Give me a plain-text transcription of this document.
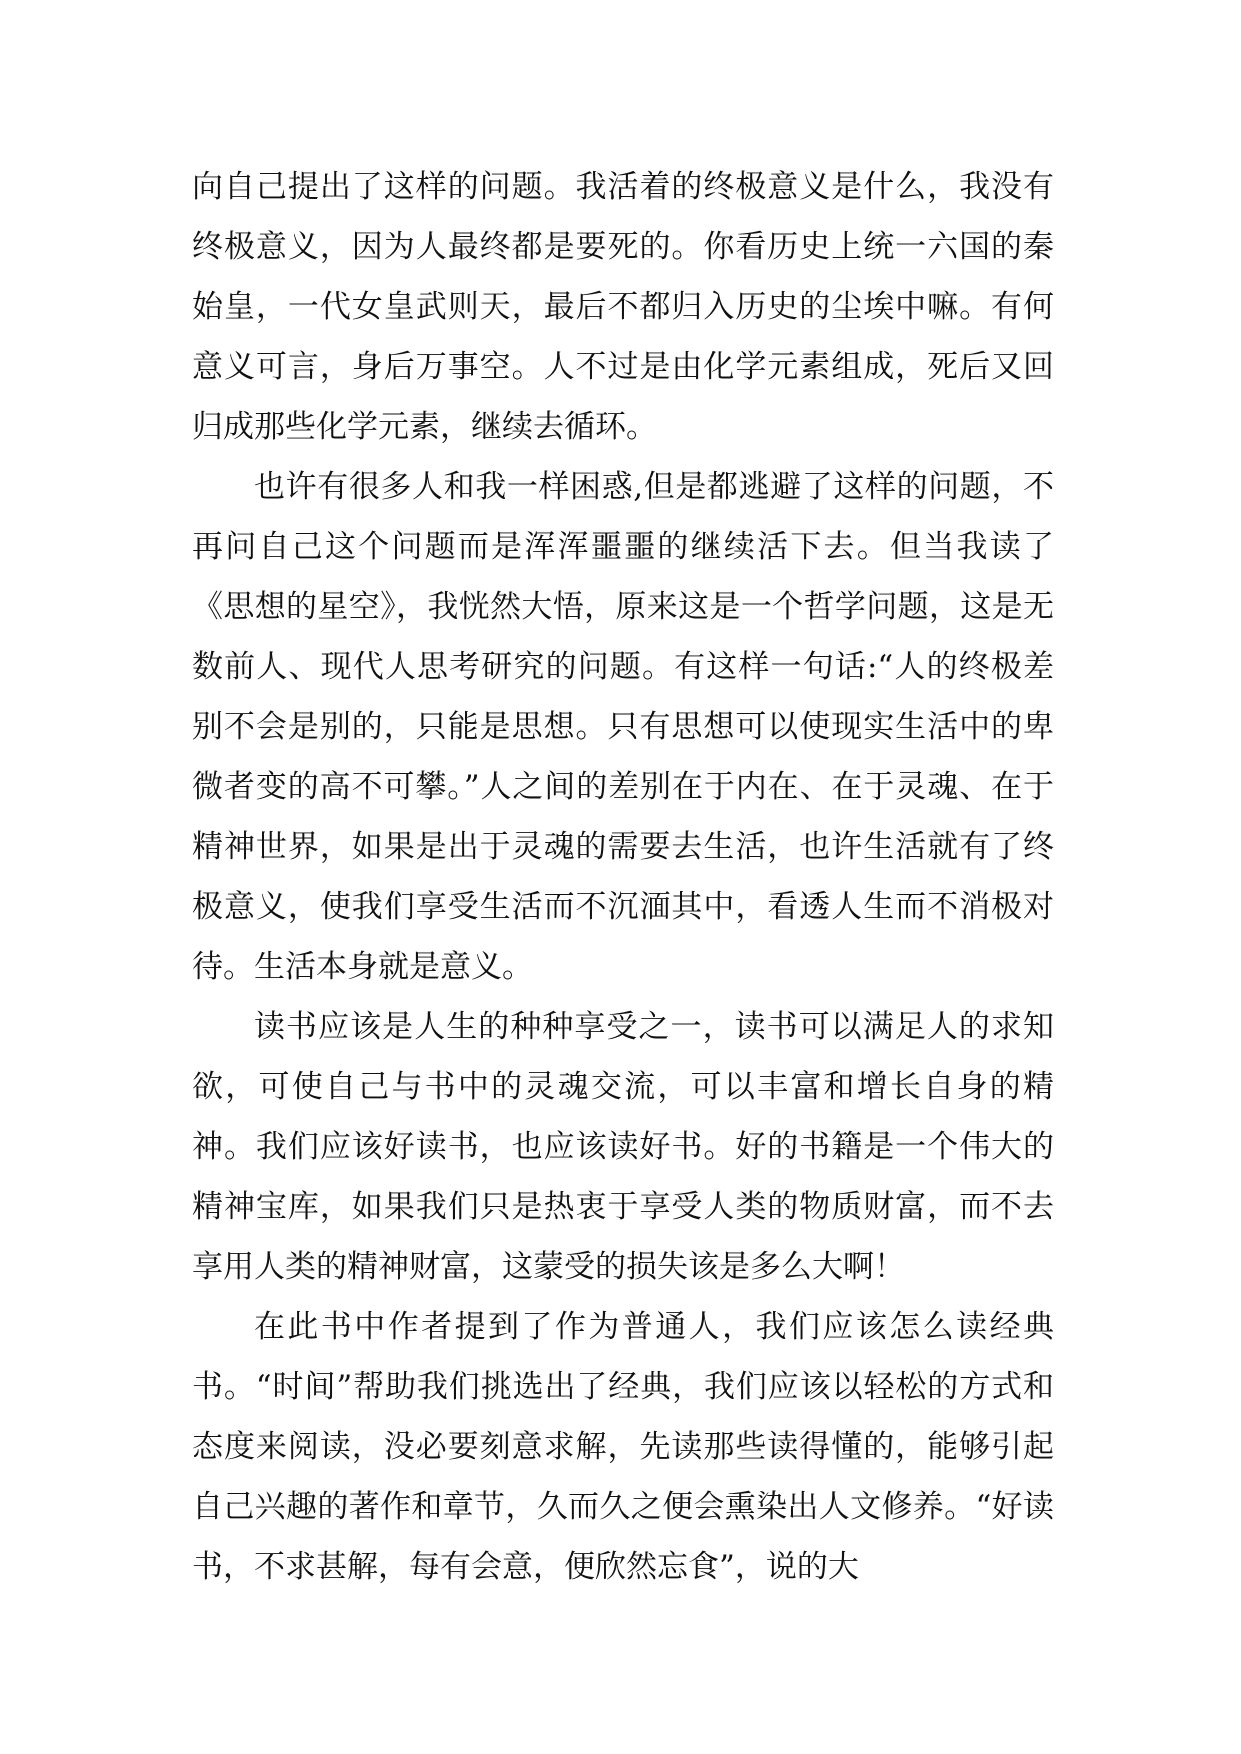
向自己提出了这样的问题。我活着的终极意义是什么，我没有终极意义，因为人最终都是要死的。你看历史上统一六国的秦始皇，一代女皇武则天，最后不都归入历史的尘埃中嘛。有何意义可言，身后万事空。人不过是由化学元素组成，死后又回归成那些化学元素，继续去循环。

也许有很多人和我一样困惑,但是都逃避了这样的问题，不再问自己这个问题而是浑浑噩噩的继续活下去。但当我读了《思想的星空》，我恍然大悟，原来这是一个哲学问题，这是无数前人、现代人思考研究的问题。有这样一句话:“人的终极差别不会是别的，只能是思想。只有思想可以使现实生活中的卑微者变的高不可攀。”人之间的差别在于内在、在于灵魂、在于精神世界，如果是出于灵魂的需要去生活，也许生活就有了终极意义，使我们享受生活而不沉湎其中，看透人生而不消极对待。生活本身就是意义。

读书应该是人生的种种享受之一，读书可以满足人的求知欲，可使自己与书中的灵魂交流，可以丰富和增长自身的精神。我们应该好读书，也应该读好书。好的书籍是一个伟大的精神宝库，如果我们只是热衷于享受人类的物质财富，而不去享用人类的精神财富，这蒙受的损失该是多么大啊！

在此书中作者提到了作为普通人，我们应该怎么读经典书。“时间”帮助我们挑选出了经典，我们应该以轻松的方式和态度来阅读，没必要刻意求解，先读那些读得懂的，能够引起自己兴趣的著作和章节，久而久之便会熏染出人文修养。“好读书，不求甚解，每有会意，便欣然忘食”，说的大
